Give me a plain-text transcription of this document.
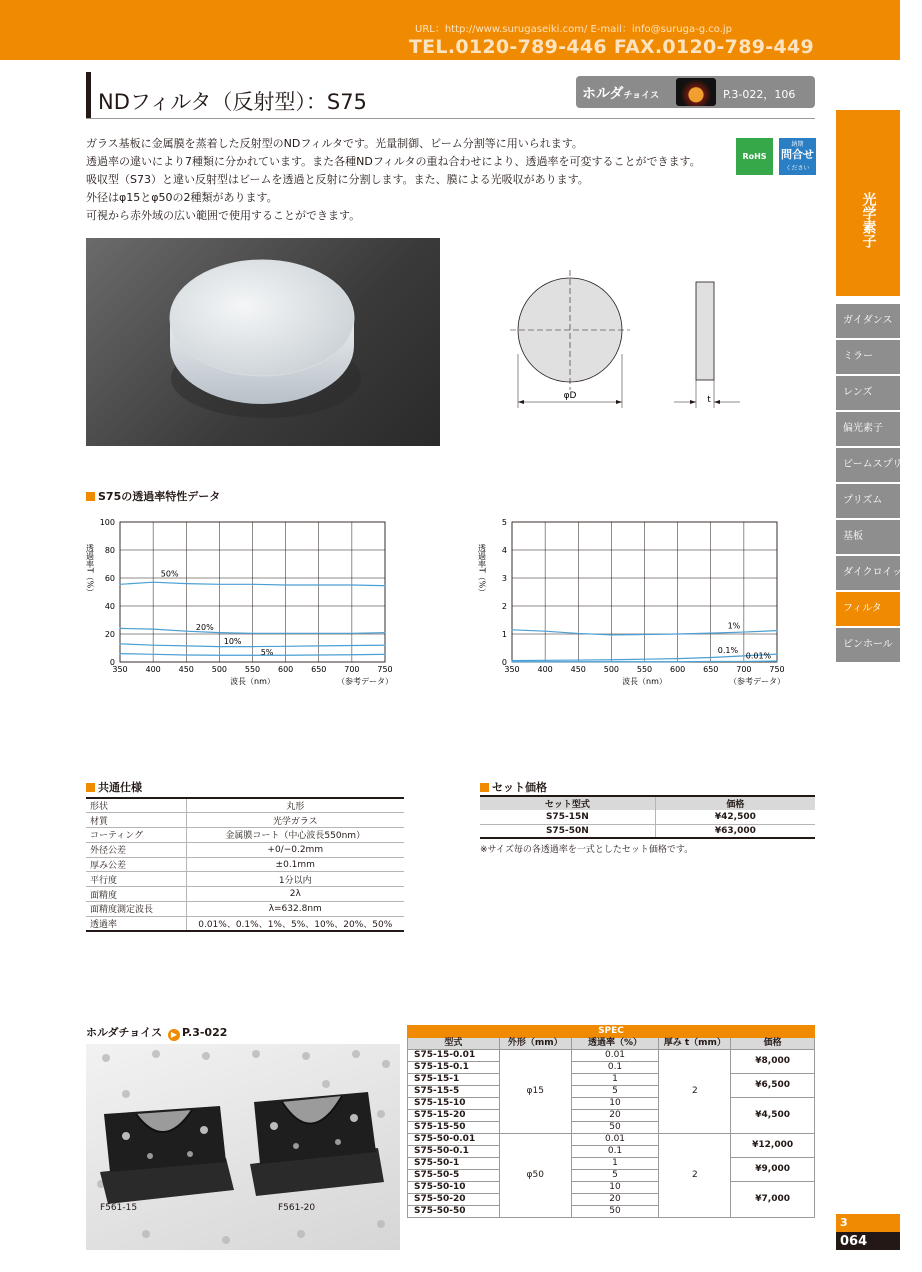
URL：http://www.surugaseiki.com/ E-mail：info@suruga-g.co.jp
TEL.0120-789-446 FAX.0120-789-449
NDフィルタ（反射型）：S75	ホルダチョイス	P.3-022，106
ガラス基板に金属膜を蒸着した反射型のNDフィルタです。光量制御、ビーム分割等に用いられます。
透過率の違いにより7種類に分かれています。また各種NDフィルタの重ね合わせにより、透過率を可変することができます。
吸収型（S73）と違い反射型はビームを透過と反射に分割します。また、膜による光吸収があります。
外径はφ15とφ50の2種類があります。
可視から赤外域の広い範囲で使用することができます。
RoHS
納期
問合せ
ください
光学素子
ガイダンス
ミラー
レンズ
偏光素子
ビームスプリッタ
プリズム
基板
ダイクロイック
フィルタ
ピンホール
φD	t
S75の透過率特性データ
350 400 450 500 550 600 650 700 750
0
20
40
60
80
100
50%
20%
10%
5%
波長（nm）	（参考データ）
透過率T（%）
350 400 450 500 550 600 650 700 750
0
1
2
3
4
5
1%
0.1%
0.01%
波長（nm）	（参考データ）
透過率T（%）
共通仕様
形状	丸形
材質	光学ガラス
コーティング	金属膜コート（中心波長550nm）
外径公差	+0/−0.2mm
厚み公差	±0.1mm
平行度	1分以内
面精度	2λ
面精度測定波長	λ=632.8nm
透過率	0.01%、0.1%、1%、5%、10%、20%、50%
セット価格
セット型式	価格
S75-15N	¥42,500
S75-50N	¥63,000
※サイズ毎の各透過率を一式としたセット価格です。
ホルダチョイス ▶ P.3-022
F561-15	F561-20
SPEC				
型式	外形（mm）	透過率（%）	厚み t（mm）	価格
S75-15-0.01	φ15	0.01	2	¥8,000
S75-15-0.1		0.1		
S75-15-1		1		¥6,500
S75-15-5		5		
S75-15-10		10		¥4,500
S75-15-20		20		
S75-15-50		50		
S75-50-0.01	φ50	0.01	2	¥12,000
S75-50-0.1		0.1		
S75-50-1		1		¥9,000
S75-50-5		5		
S75-50-10		10		¥7,000
S75-50-20		20		
S75-50-50		50		
3
064
